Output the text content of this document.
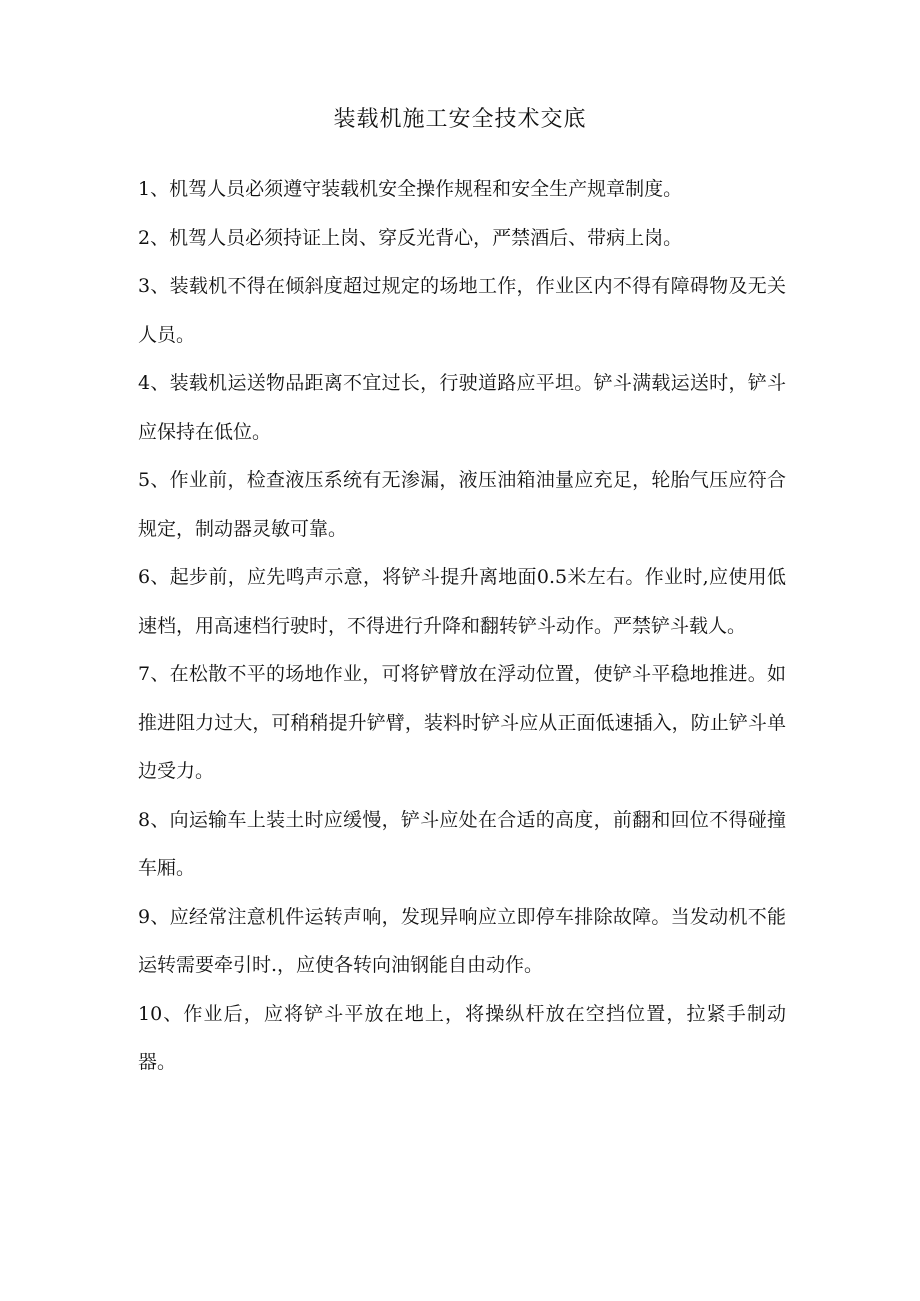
装载机施工安全技术交底
1、机驾人员必须遵守装载机安全操作规程和安全生产规章制度。
2、机驾人员必须持证上岗、穿反光背心，严禁酒后、带病上岗。
3、装载机不得在倾斜度超过规定的场地工作，作业区内不得有障碍物及无关人员。
4、装载机运送物品距离不宜过长，行驶道路应平坦。铲斗满载运送时，铲斗应保持在低位。
5、作业前，检查液压系统有无渗漏，液压油箱油量应充足，轮胎气压应符合规定，制动器灵敏可靠。
6、起步前，应先鸣声示意，将铲斗提升离地面0.5米左右。作业时,应使用低速档，用高速档行驶时，不得进行升降和翻转铲斗动作。严禁铲斗载人。
7、在松散不平的场地作业，可将铲臂放在浮动位置，使铲斗平稳地推进。如推进阻力过大，可稍稍提升铲臂，装料时铲斗应从正面低速插入，防止铲斗单边受力。
8、向运输车上装土时应缓慢，铲斗应处在合适的高度，前翻和回位不得碰撞车厢。
9、应经常注意机件运转声响，发现异响应立即停车排除故障。当发动机不能运转需要牵引时.，应使各转向油钢能自由动作。
10、作业后，应将铲斗平放在地上，将操纵杆放在空挡位置，拉紧手制动器。
